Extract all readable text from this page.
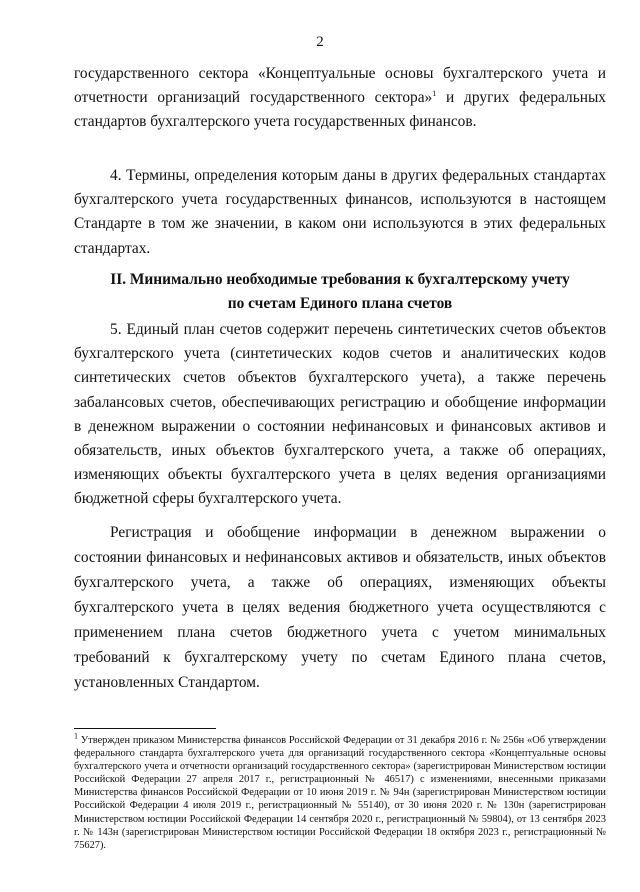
2
государственного сектора «Концептуальные основы бухгалтерского учета и отчетности организаций государственного сектора»$^1$ и других федеральных стандартов бухгалтерского учета государственных финансов.
4. Термины, определения которым даны в других федеральных стандартах бухгалтерского учета государственных финансов, используются в настоящем Стандарте в том же значении, в каком они используются в этих федеральных стандартах.
II. Минимально необходимые требования к бухгалтерскому учету
по счетам Единого плана счетов
5. Единый план счетов содержит перечень синтетических счетов объектов бухгалтерского учета (синтетических кодов счетов и аналитических кодов синтетических счетов объектов бухгалтерского учета), а также перечень забалансовых счетов, обеспечивающих регистрацию и обобщение информации в денежном выражении о состоянии нефинансовых и финансовых активов и обязательств, иных объектов бухгалтерского учета, а также об операциях, изменяющих объекты бухгалтерского учета в целях ведения организациями бюджетной сферы бухгалтерского учета.
Регистрация и обобщение информации в денежном выражении о состоянии финансовых и нефинансовых активов и обязательств, иных объектов бухгалтерского учета, а также об операциях, изменяющих объекты бухгалтерского учета в целях ведения бюджетного учета осуществляются с применением плана счетов бюджетного учета с учетом минимальных требований к бухгалтерскому учету по счетам Единого плана счетов, установленных Стандартом.
$^1$ Утвержден приказом Министерства финансов Российской Федерации от 31 декабря 2016 г. № 256н «Об утверждении федерального стандарта бухгалтерского учета для организаций государственного сектора «Концептуальные основы бухгалтерского учета и отчетности организаций государственного сектора» (зарегистрирован Министерством юстиции Российской Федерации 27 апреля 2017 г., регистрационный № 46517) с изменениями, внесенными приказами Министерства финансов Российской Федерации от 10 июня 2019 г. № 94н (зарегистрирован Министерством юстиции Российской Федерации 4 июля 2019 г., регистрационный № 55140), от 30 июня 2020 г. № 130н (зарегистрирован Министерством юстиции Российской Федерации 14 сентября 2020 г., регистрационный № 59804), от 13 сентября 2023 г. № 143н (зарегистрирован Министерством юстиции Российской Федерации 18 октября 2023 г., регистрационный № 75627).
